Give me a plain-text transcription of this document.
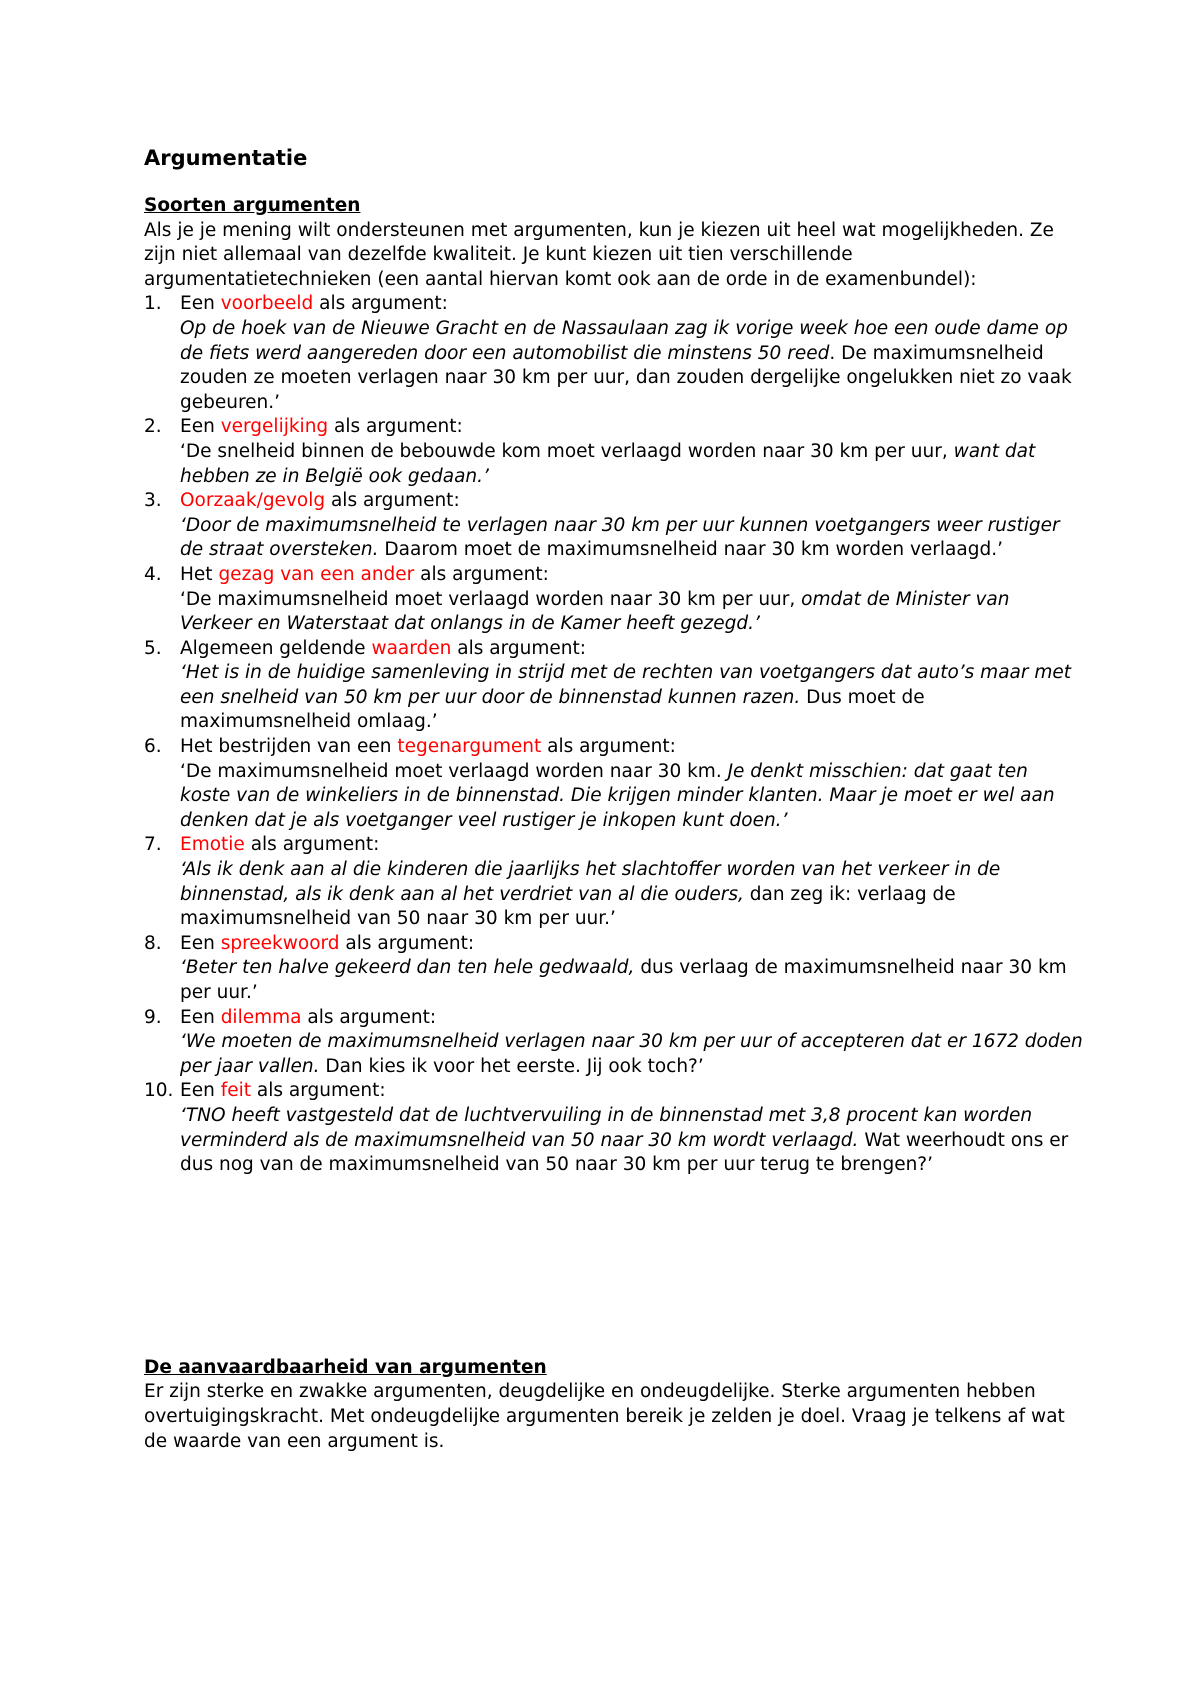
Argumentatie

Soorten argumenten

Als je je mening wilt ondersteunen met argumenten, kun je kiezen uit heel wat mogelijkheden. Ze zijn niet allemaal van dezelfde kwaliteit. Je kunt kiezen uit tien verschillende argumentatietechnieken (een aantal hiervan komt ook aan de orde in de examenbundel):

1. Een voorbeeld als argument:
Op de hoek van de Nieuwe Gracht en de Nassaulaan zag ik vorige week hoe een oude dame op de fiets werd aangereden door een automobilist die minstens 50 reed. De maximumsnelheid zouden ze moeten verlagen naar 30 km per uur, dan zouden dergelijke ongelukken niet zo vaak gebeuren.’
2. Een vergelijking als argument:
‘De snelheid binnen de bebouwde kom moet verlaagd worden naar 30 km per uur, want dat hebben ze in België ook gedaan.’
3. Oorzaak/gevolg als argument:
‘Door de maximumsnelheid te verlagen naar 30 km per uur kunnen voetgangers weer rustiger de straat oversteken. Daarom moet de maximumsnelheid naar 30 km worden verlaagd.’
4. Het gezag van een ander als argument:
‘De maximumsnelheid moet verlaagd worden naar 30 km per uur, omdat de Minister van Verkeer en Waterstaat dat onlangs in de Kamer heeft gezegd.’
5. Algemeen geldende waarden als argument:
‘Het is in de huidige samenleving in strijd met de rechten van voetgangers dat auto’s maar met een snelheid van 50 km per uur door de binnenstad kunnen razen. Dus moet de maximumsnelheid omlaag.’
6. Het bestrijden van een tegenargument als argument:
‘De maximumsnelheid moet verlaagd worden naar 30 km. Je denkt misschien: dat gaat ten koste van de winkeliers in de binnenstad. Die krijgen minder klanten. Maar je moet er wel aan denken dat je als voetganger veel rustiger je inkopen kunt doen.’
7. Emotie als argument:
‘Als ik denk aan al die kinderen die jaarlijks het slachtoffer worden van het verkeer in de binnenstad, als ik denk aan al het verdriet van al die ouders, dan zeg ik: verlaag de maximumsnelheid van 50 naar 30 km per uur.’
8. Een spreekwoord als argument:
‘Beter ten halve gekeerd dan ten hele gedwaald, dus verlaag de maximumsnelheid naar 30 km per uur.’
9. Een dilemma als argument:
‘We moeten de maximumsnelheid verlagen naar 30 km per uur of accepteren dat er 1672 doden per jaar vallen. Dan kies ik voor het eerste. Jij ook toch?’
10. Een feit als argument:
‘TNO heeft vastgesteld dat de luchtvervuiling in de binnenstad met 3,8 procent kan worden verminderd als de maximumsnelheid van 50 naar 30 km wordt verlaagd. Wat weerhoudt ons er dus nog van de maximumsnelheid van 50 naar 30 km per uur terug te brengen?’

De aanvaardbaarheid van argumenten

Er zijn sterke en zwakke argumenten, deugdelijke en ondeugdelijke. Sterke argumenten hebben overtuigingskracht. Met ondeugdelijke argumenten bereik je zelden je doel. Vraag je telkens af wat de waarde van een argument is.
